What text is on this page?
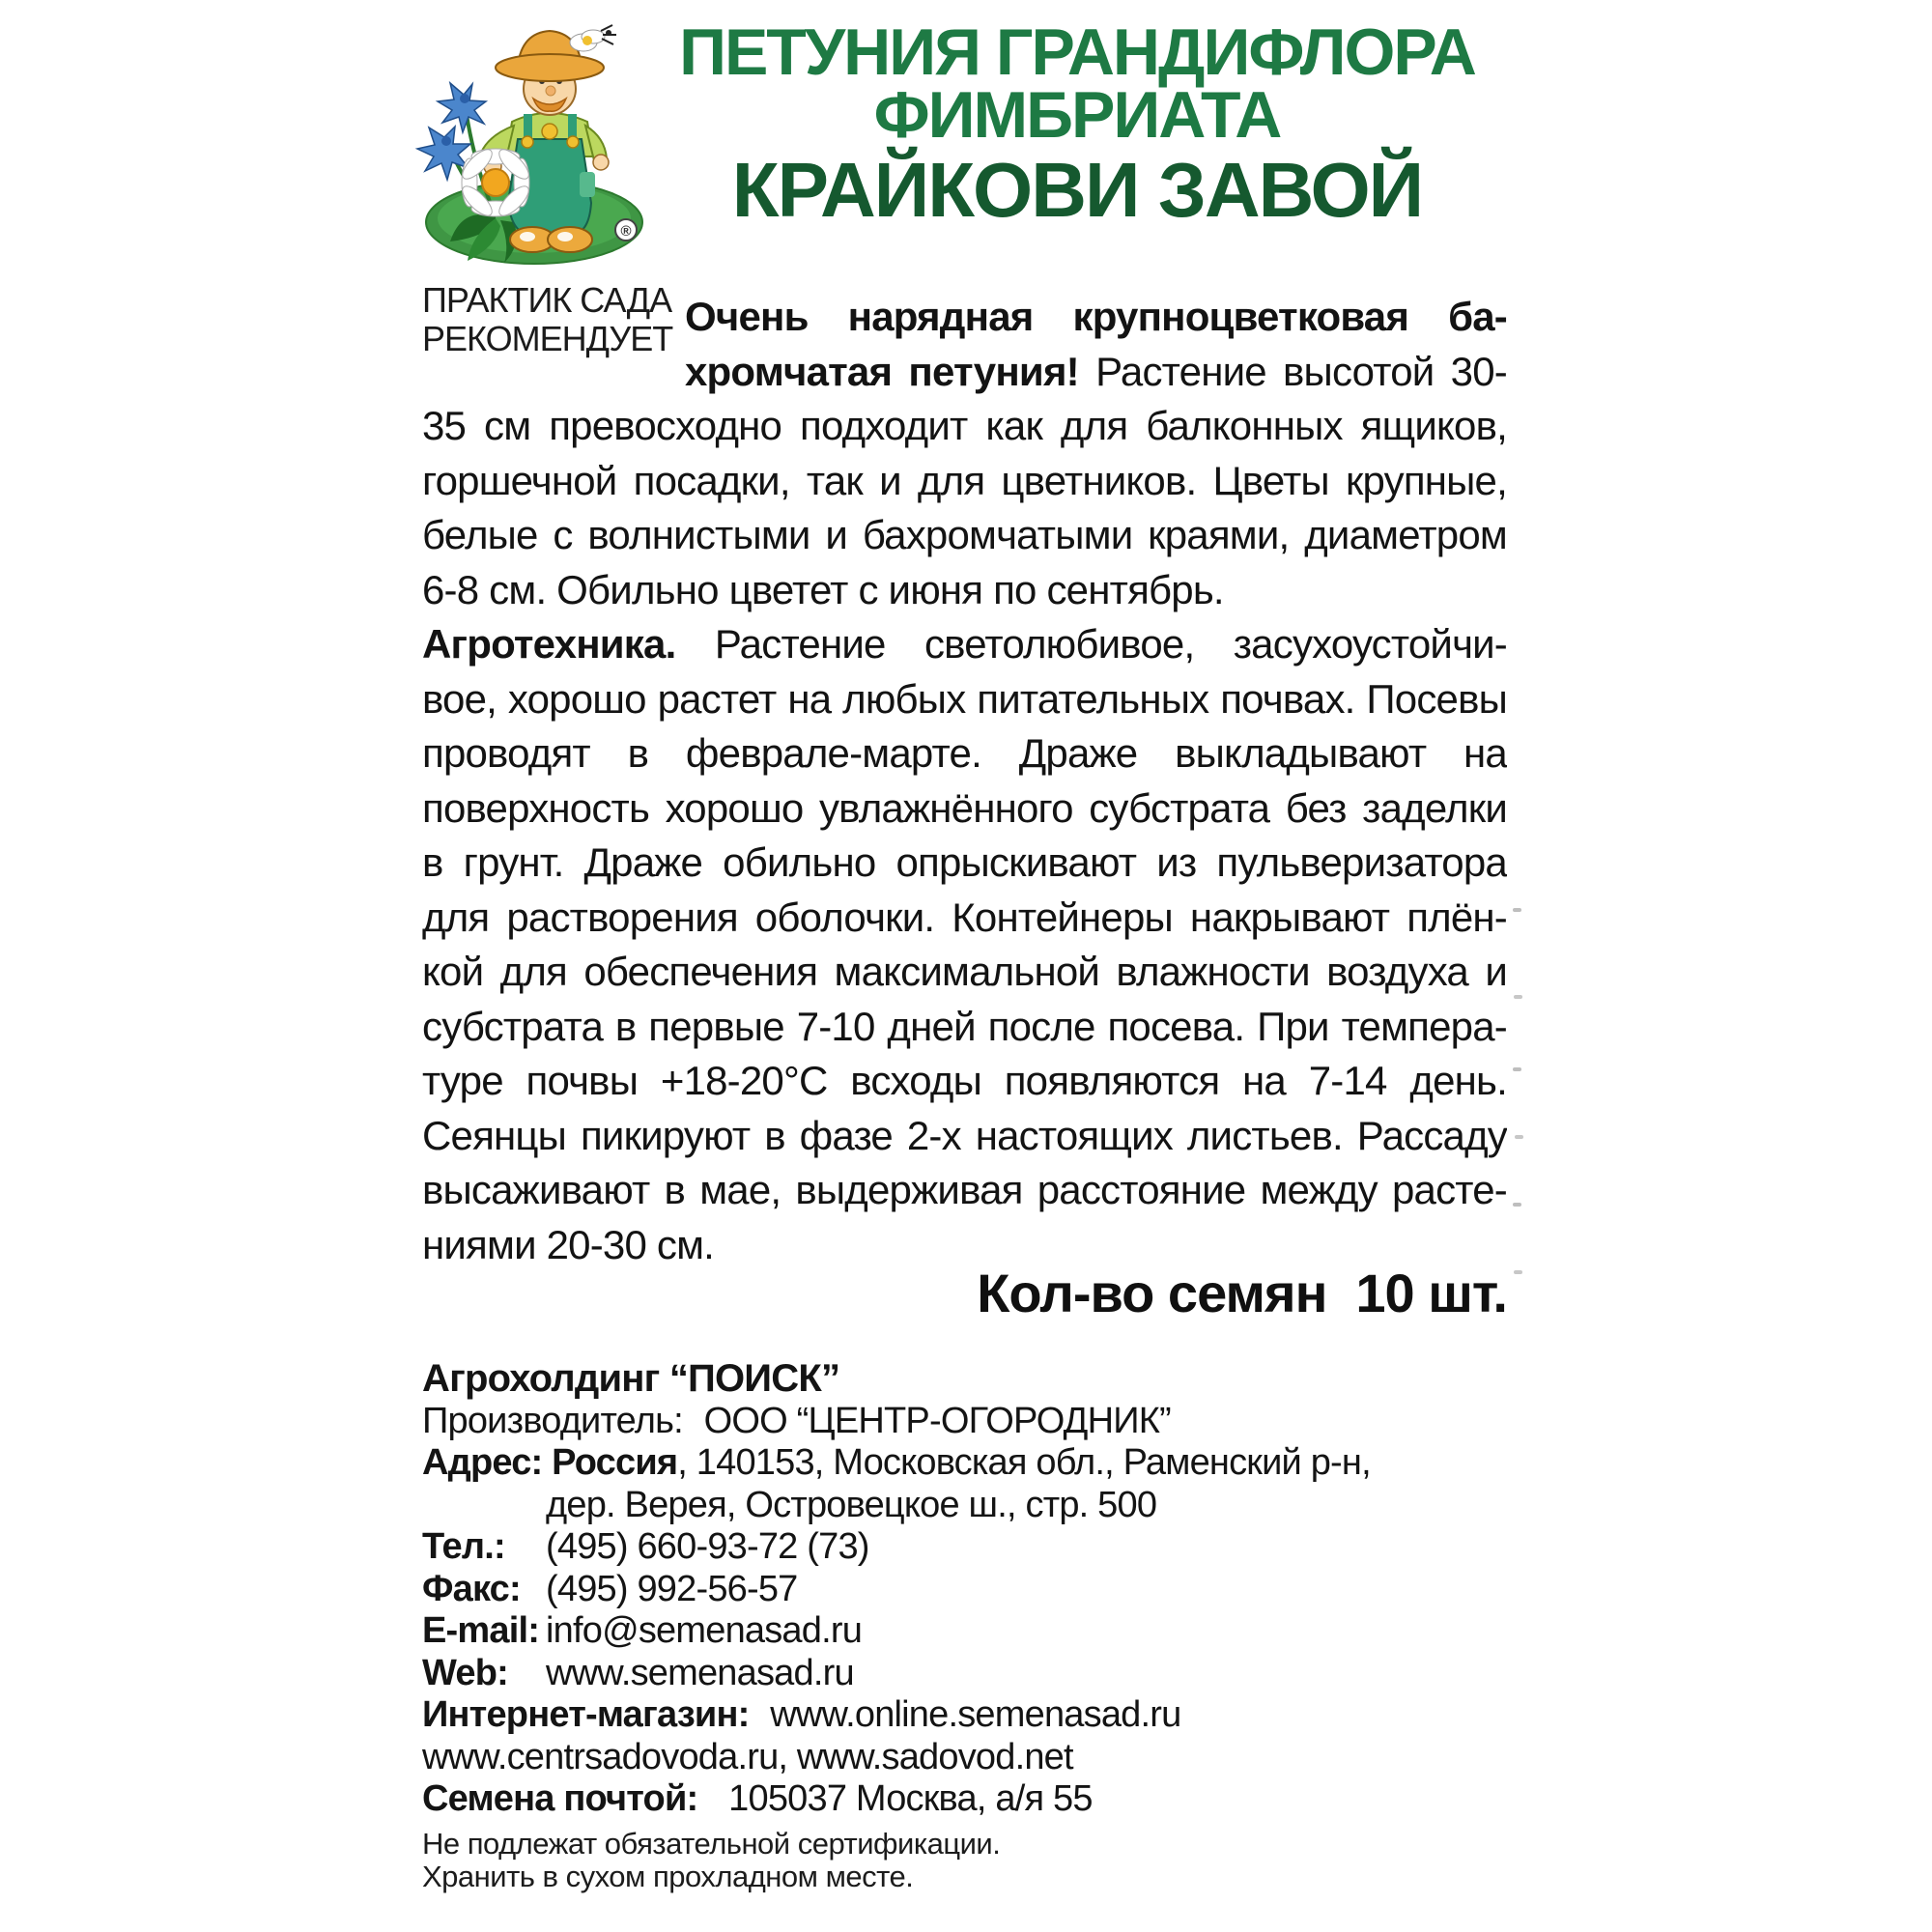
®
ПЕТУНИЯ ГРАНДИФЛОРА
ФИМБРИАТА
КРАЙКОВИ ЗАВОЙ
ПРАКТИК САДА
РЕКОМЕНДУЕТ Очень нарядная крупноцветковая ба-
хромчатая петуния! Растение высотой 30-
35 см превосходно подходит как для балконных ящиков,
горшечной посадки, так и для цветников. Цветы крупные,
белые с волнистыми и бахромчатыми краями, диаметром
6-8 см. Обильно цветет с июня по сентябрь.
Агротехника. Растение светолюбивое, засухоустойчи-
вое, хорошо растет на любых питательных почвах. Посевы
проводят в феврале-марте. Драже выкладывают на
поверхность хорошо увлажнённого субстрата без заделки
в грунт. Драже обильно опрыскивают из пульверизатора
для растворения оболочки. Контейнеры накрывают плён-
кой для обеспечения максимальной влажности воздуха и
субстрата в первые 7-10 дней после посева. При темпера-
туре почвы +18-20°С всходы появляются на 7-14 день.
Сеянцы пикируют в фазе 2-х настоящих листьев. Рассаду
высаживают в мае, выдерживая расстояние между расте-
ниями 20-30 см.
Кол-во семян 10 шт.
Агрохолдинг “ПОИСК”
Производитель: ООО “ЦЕНТР-ОГОРОДНИК”
Адрес: Россия, 140153, Московская обл., Раменский р-н,
дер. Верея, Островецкое ш., стр. 500
Тел.:	(495) 660-93-72 (73)
Факс: (495) 992-56-57
E-mail: info@semenasad.ru
Web:	www.semenasad.ru
Интернет-магазин: www.online.semenasad.ru
www.centrsadovoda.ru, www.sadovod.net
Семена почтой: 105037 Москва, а/я 55
Не подлежат обязательной сертификации.
Хранить в сухом прохладном месте.
